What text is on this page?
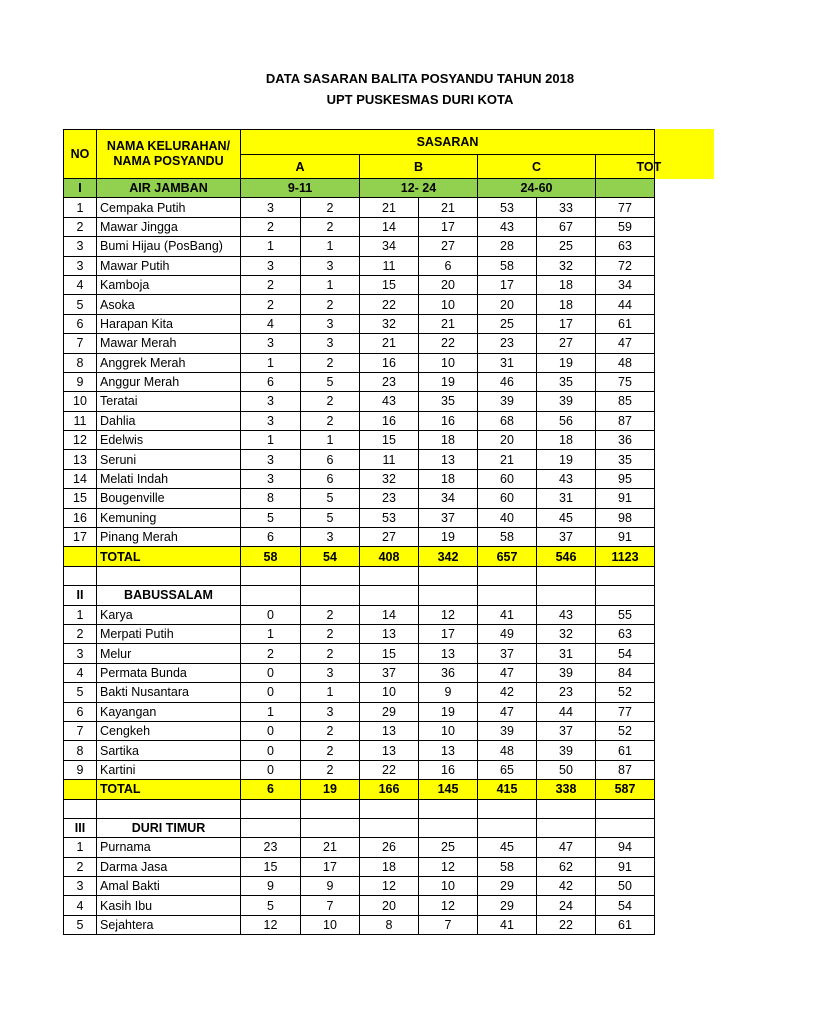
DATA SASARAN BALITA POSYANDU TAHUN 2018
UPT PUSKESMAS DURI KOTA
NO	NAMA KELURAHAN/
NAMA POSYANDU	SASARAN						
		A		B		C		TOT
I	AIR JAMBAN	9-11		12- 24		24-60		
1	Cempaka Putih	3	2	21	21	53	33	77
2	Mawar Jingga	2	2	14	17	43	67	59
3	Bumi Hijau (PosBang)	1	1	34	27	28	25	63
3	Mawar Putih	3	3	11	6	58	32	72
4	Kamboja	2	1	15	20	17	18	34
5	Asoka	2	2	22	10	20	18	44
6	Harapan Kita	4	3	32	21	25	17	61
7	Mawar Merah	3	3	21	22	23	27	47
8	Anggrek Merah	1	2	16	10	31	19	48
9	Anggur Merah	6	5	23	19	46	35	75
10	Teratai	3	2	43	35	39	39	85
11	Dahlia	3	2	16	16	68	56	87
12	Edelwis	1	1	15	18	20	18	36
13	Seruni	3	6	11	13	21	19	35
14	Melati Indah	3	6	32	18	60	43	95
15	Bougenville	8	5	23	34	60	31	91
16	Kemuning	5	5	53	37	40	45	98
17	Pinang Merah	6	3	27	19	58	37	91
	TOTAL	58	54	408	342	657	546	1123

II	BABUSSALAM							
1	Karya	0	2	14	12	41	43	55
2	Merpati Putih	1	2	13	17	49	32	63
3	Melur	2	2	15	13	37	31	54
4	Permata Bunda	0	3	37	36	47	39	84
5	Bakti Nusantara	0	1	10	9	42	23	52
6	Kayangan	1	3	29	19	47	44	77
7	Cengkeh	0	2	13	10	39	37	52
8	Sartika	0	2	13	13	48	39	61
9	Kartini	0	2	22	16	65	50	87
	TOTAL	6	19	166	145	415	338	587

III	DURI TIMUR							
1	Purnama	23	21	26	25	45	47	94
2	Darma Jasa	15	17	18	12	58	62	91
3	Amal Bakti	9	9	12	10	29	42	50
4	Kasih Ibu	5	7	20	12	29	24	54
5	Sejahtera	12	10	8	7	41	22	61
